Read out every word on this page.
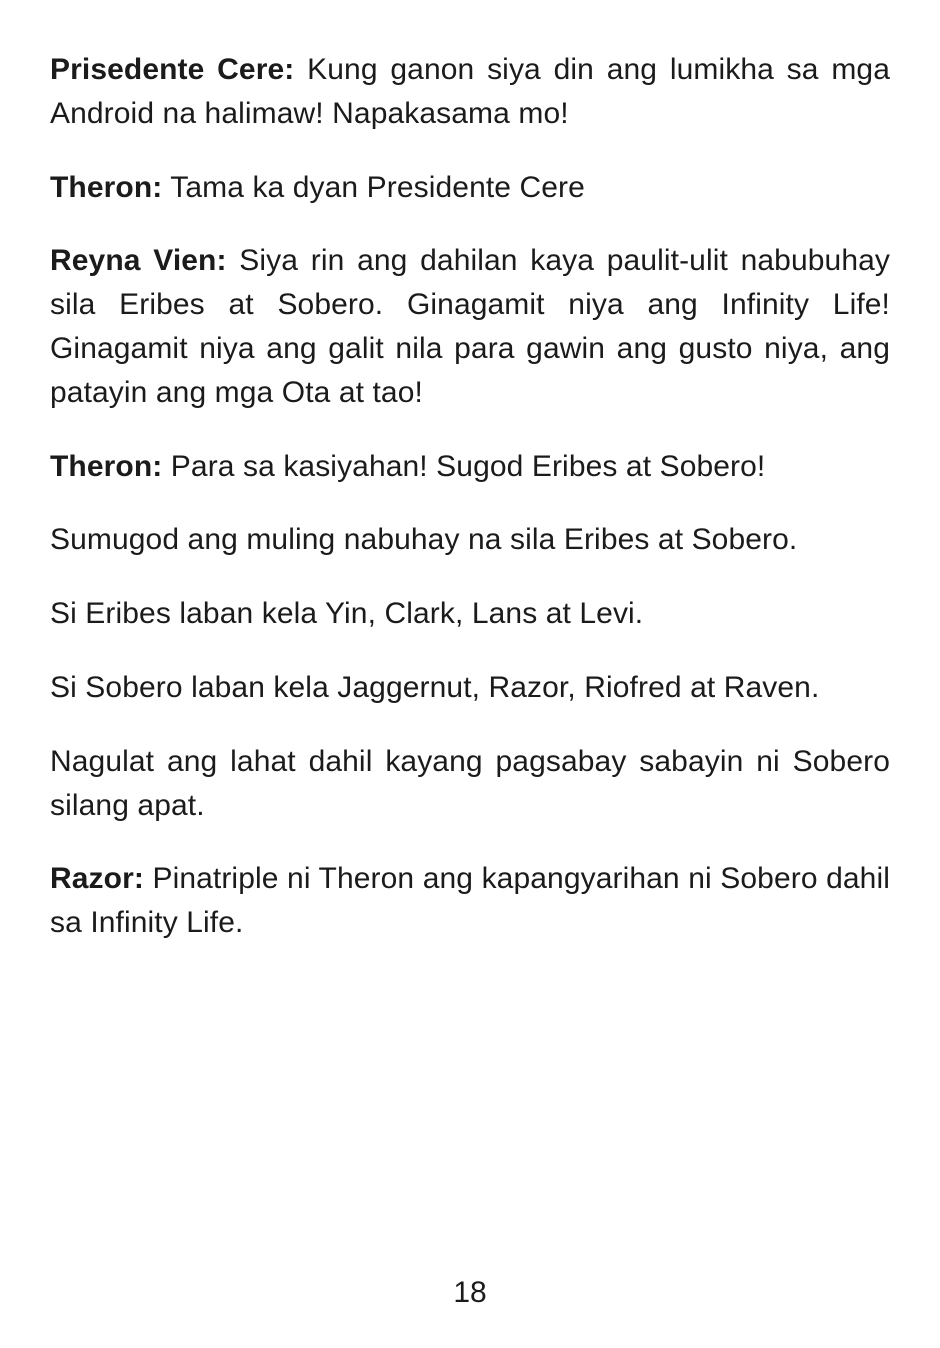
Prisedente Cere: Kung ganon siya din ang lumikha sa mga Android na halimaw! Napakasama mo!

Theron: Tama ka dyan Presidente Cere

Reyna Vien: Siya rin ang dahilan kaya paulit-ulit nabubuhay sila Eribes at Sobero. Ginagamit niya ang Infinity Life! Ginagamit niya ang galit nila para gawin ang gusto niya, ang patayin ang mga Ota at tao!

Theron: Para sa kasiyahan! Sugod Eribes at Sobero!

Sumugod ang muling nabuhay na sila Eribes at Sobero.

Si Eribes laban kela Yin, Clark, Lans at Levi.

Si Sobero laban kela Jaggernut, Razor, Riofred at Raven.

Nagulat ang lahat dahil kayang pagsabay sabayin ni Sobero silang apat.

Razor: Pinatriple ni Theron ang kapangyarihan ni Sobero dahil sa Infinity Life.

18
